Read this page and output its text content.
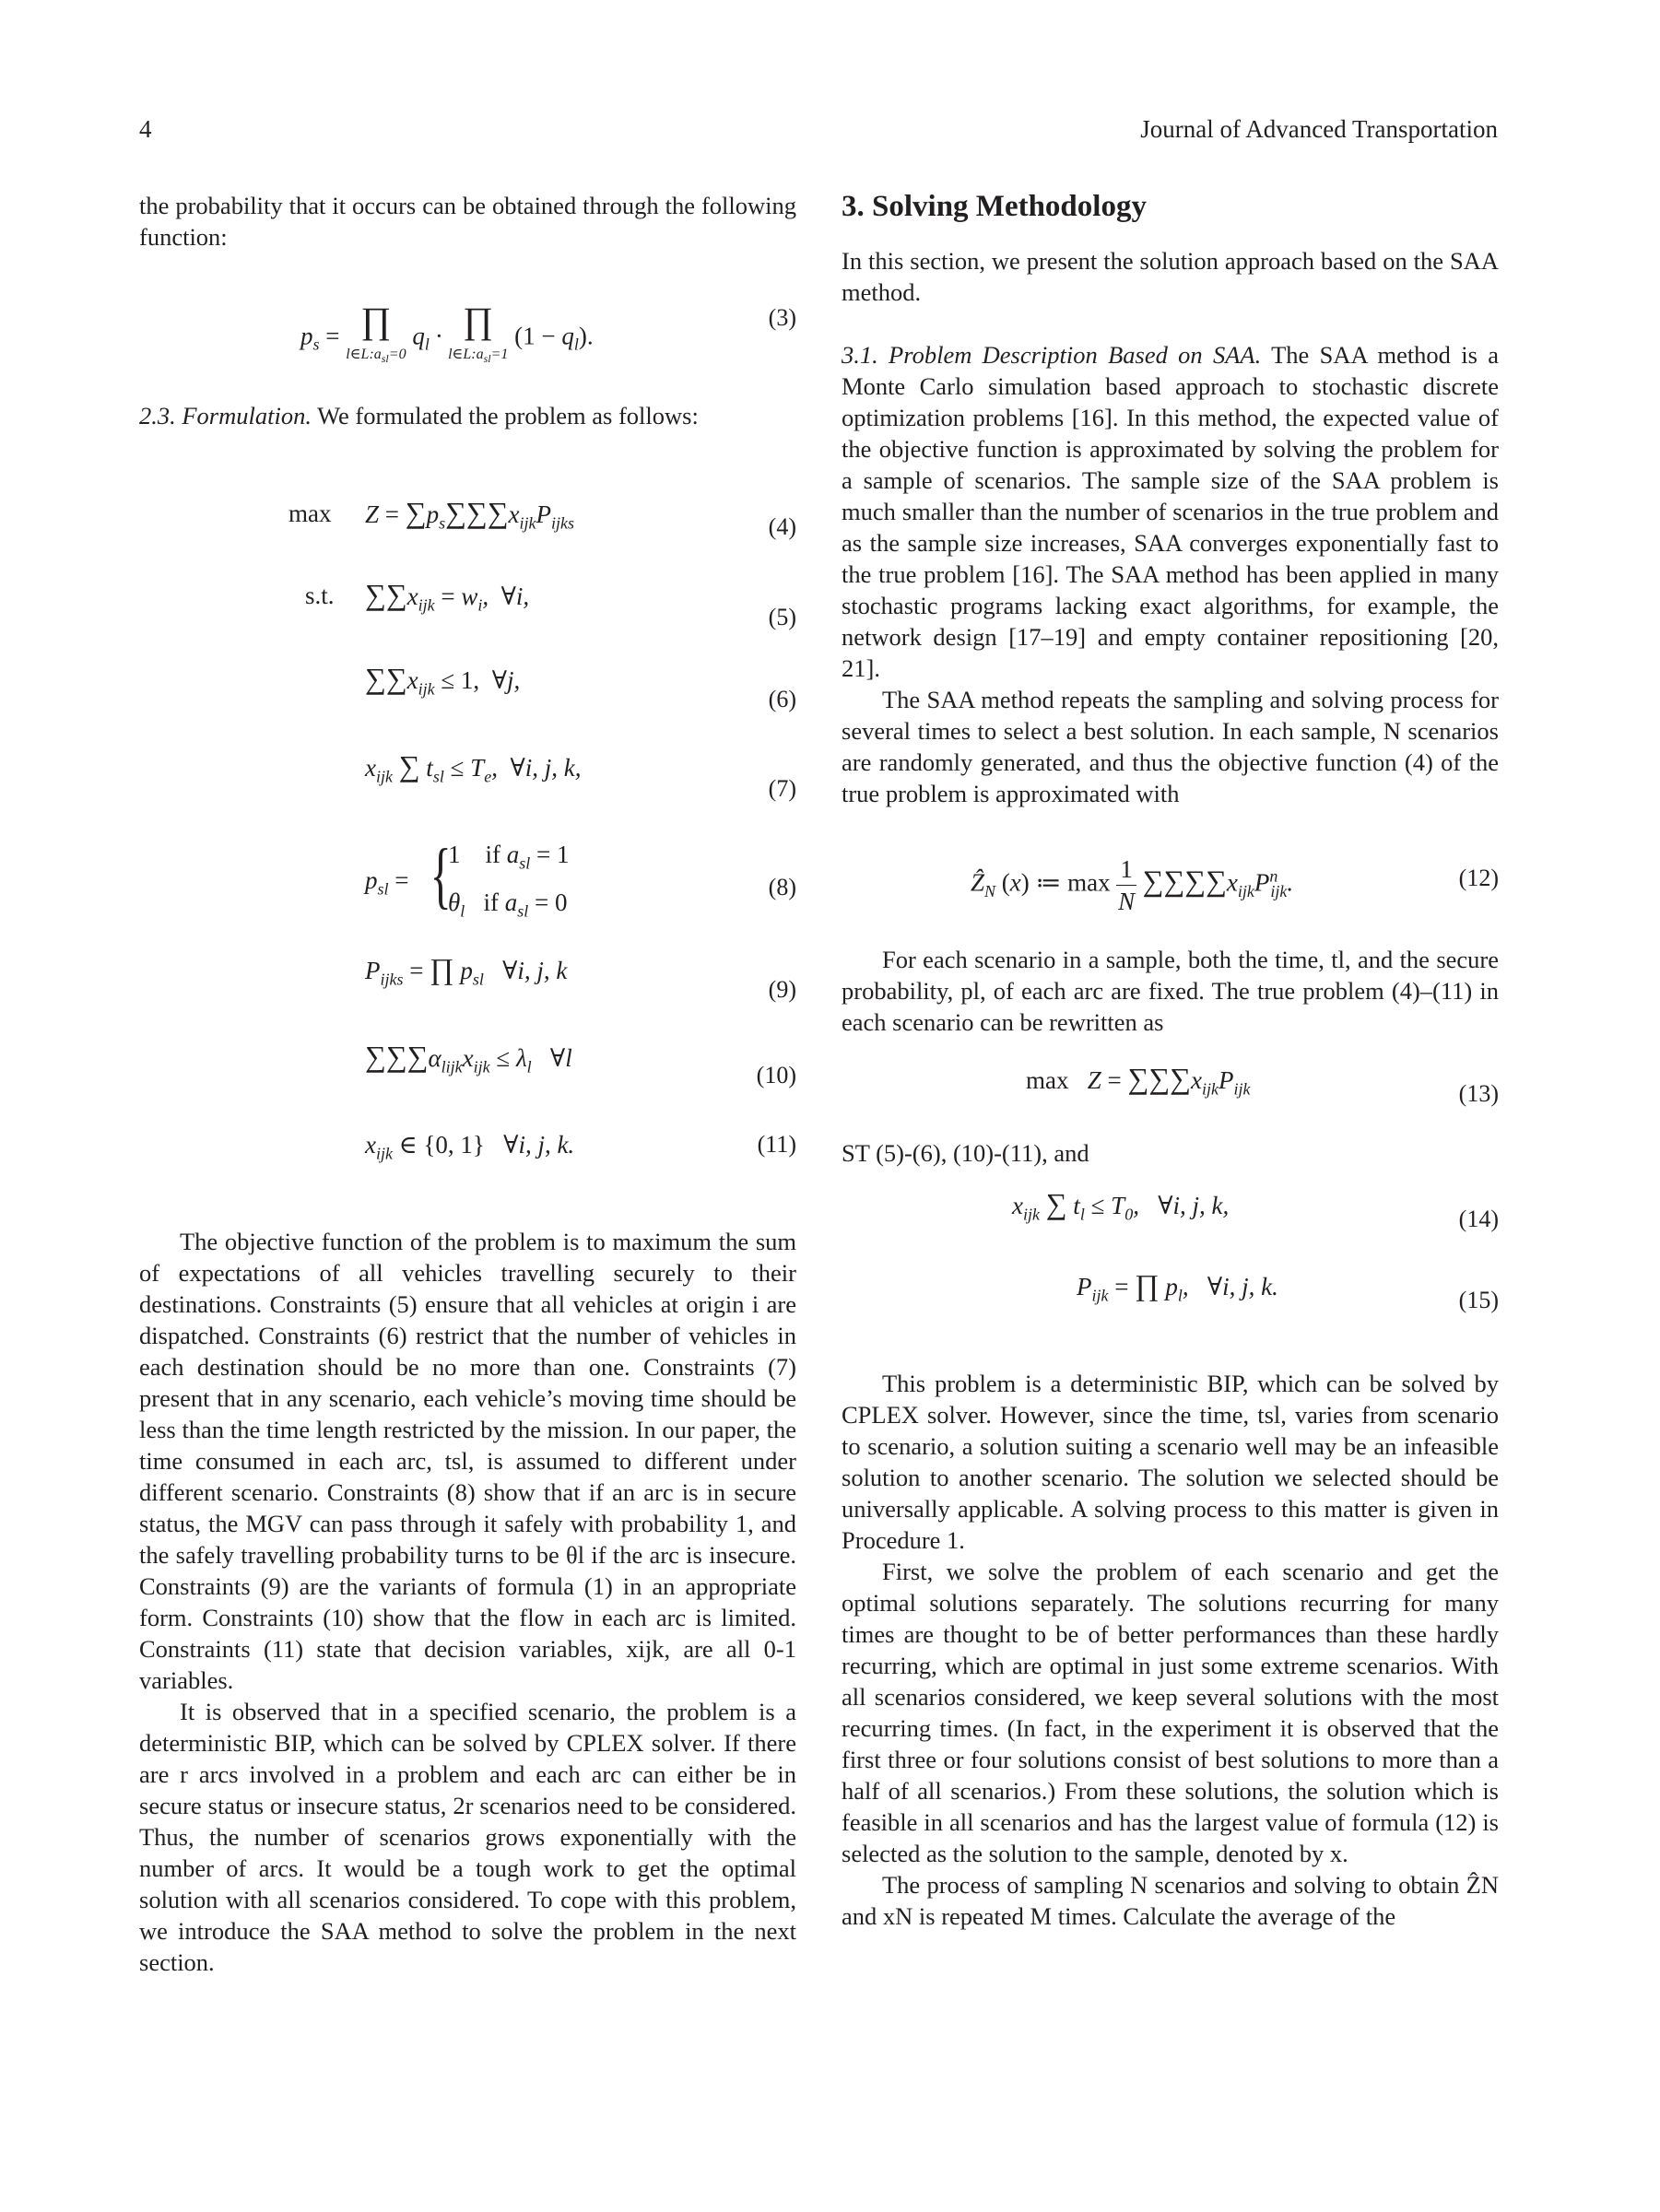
4	Journal of Advanced Transportation

the probability that it occurs can be obtained through the following function:

$p_s$ = ∏
$l\in L:a_{sl}=0$
$q_l$ · ∏
$l\in L:a_{sl}=1$
$(1 - q_l)$.
(3)

2.3. Formulation. We formulated the problem as follows:

$\max Z = \sum p_s\sum\sum\sum x_{ijk}P_{ijks}$	(4)
s.t. $\sum\sum x_{ijk} = w_i$,  ∀i,
(5)
$\sum\sum x_{ijk} \le 1$, ∀j,
(6)
$x_{ijk}$ ∑ $t_{sl} \le T_e$,  ∀i, j, k,
(7)
$p_{sl}$ = {
1    if $a_{sl} = 1$
$\theta_l$ if $a_{sl} = 0$
(8)
$P_{ijks}$ = ∏ $p_{sl}$ ∀i, j, k
(9)
$\sum\sum\sum\alpha_{lijk}x_{ijk} \le \lambda_l$ ∀l
(10)
$x_{ijk}$ ∈ {0, 1} ∀i, j, k.	(11)

The objective function of the problem is to maximum the sum of expectations of all vehicles travelling securely to their destinations. Constraints (5) ensure that all vehicles at origin i are dispatched. Constraints (6) restrict that the number of vehicles in each destination should be no more than one. Constraints (7) present that in any scenario, each vehicle’s moving time should be less than the time length restricted by the mission. In our paper, the time consumed in each arc, tsl, is assumed to different under different scenario. Constraints (8) show that if an arc is in secure status, the MGV can pass through it safely with probability 1, and the safely travelling probability turns to be θl if the arc is insecure. Constraints (9) are the variants of formula (1) in an appropriate form. Constraints (10) show that the flow in each arc is limited. Constraints (11) state that decision variables, xijk, are all 0-1 variables.

It is observed that in a specified scenario, the problem is a deterministic BIP, which can be solved by CPLEX solver. If there are r arcs involved in a problem and each arc can either be in secure status or insecure status, 2r scenarios need to be considered. Thus, the number of scenarios grows exponentially with the number of arcs. It would be a tough work to get the optimal solution with all scenarios considered. To cope with this problem, we introduce the SAA method to solve the problem in the next section.

3. Solving Methodology

In this section, we present the solution approach based on the SAA method.

3.1. Problem Description Based on SAA. The SAA method is a Monte Carlo simulation based approach to stochastic discrete optimization problems [16]. In this method, the expected value of the objective function is approximated by solving the problem for a sample of scenarios. The sample size of the SAA problem is much smaller than the number of scenarios in the true problem and as the sample size increases, SAA converges exponentially fast to the true problem [16]. The SAA method has been applied in many stochastic programs lacking exact algorithms, for example, the network design [17–19] and empty container repositioning [20, 21].

The SAA method repeats the sampling and solving process for several times to select a best solution. In each sample, N scenarios are randomly generated, and thus the objective function (4) of the true problem is approximated with

Ẑ$_N$ (x) ≔ $\max \frac{1}{N} \sum\sum\sum\sum x_{ijk}P^n_{ijk}$.	(12)

For each scenario in a sample, both the time, tl, and the secure probability, pl, of each arc are fixed. The true problem (4)–(11) in each scenario can be rewritten as

$\max Z = \sum\sum\sum x_{ijk}P_{ijk}$	(13)

ST (5)-(6), (10)-(11), and

$x_{ijk}$ ∑ $t_l \le T_0$,   ∀i, j, k,	(14)
$P_{ijk}$ = ∏ $p_l$,   ∀i, j, k.	(15)

This problem is a deterministic BIP, which can be solved by CPLEX solver. However, since the time, tsl, varies from scenario to scenario, a solution suiting a scenario well may be an infeasible solution to another scenario. The solution we selected should be universally applicable. A solving process to this matter is given in Procedure 1.

First, we solve the problem of each scenario and get the optimal solutions separately. The solutions recurring for many times are thought to be of better performances than these hardly recurring, which are optimal in just some extreme scenarios. With all scenarios considered, we keep several solutions with the most recurring times. (In fact, in the experiment it is observed that the first three or four solutions consist of best solutions to more than a half of all scenarios.) From these solutions, the solution which is feasible in all scenarios and has the largest value of formula (12) is selected as the solution to the sample, denoted by x.

The process of sampling N scenarios and solving to obtain ẐN and xN is repeated M times. Calculate the average of the
